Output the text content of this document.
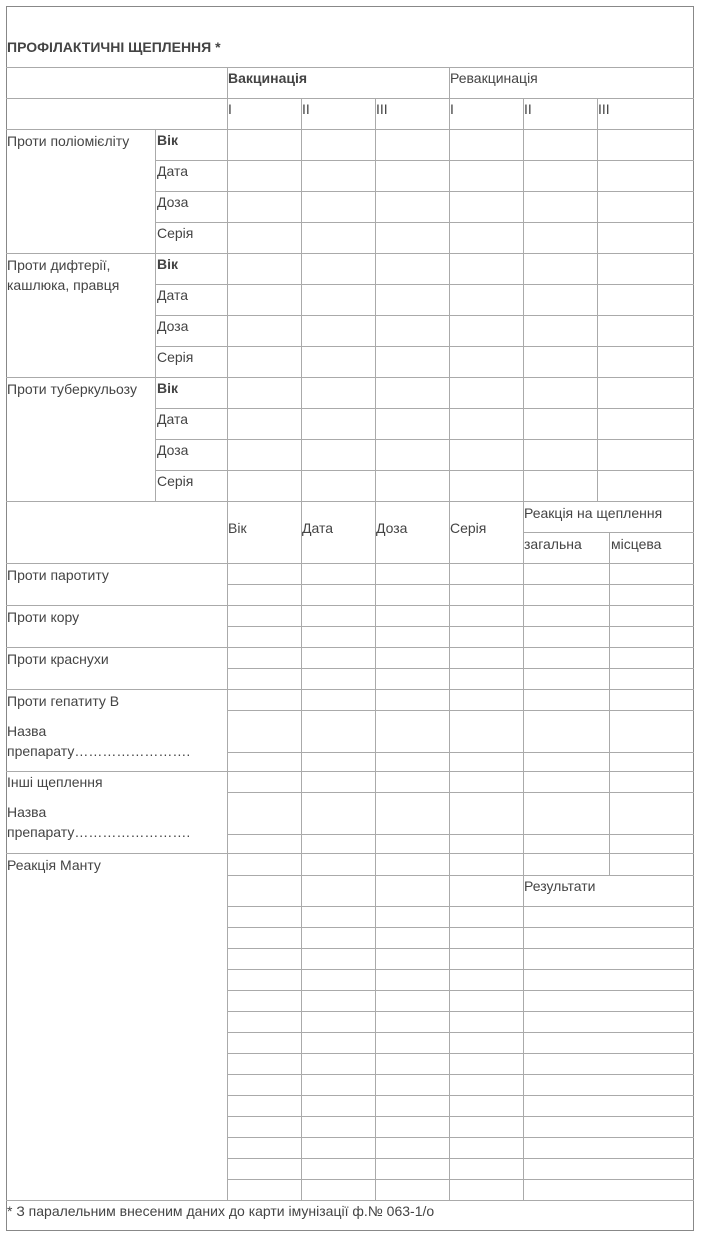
ПРОФІЛАКТИЧНІ ЩЕПЛЕННЯ *
Вакцинація	Ревакцинація
I	II	III	I	II	III
Проти поліомієліту	Вік
Дата
Доза
Серія
Проти дифтерії, кашлюка, правця
Вік
Дата
Доза
Серія
Проти туберкульозу	Вік
Дата
Доза
Серія
Вік	Дата	Доза	Серія
Реакція на щеплення
загальна місцева
Проти паротиту
Проти кору
Проти краснухи
Проти гепатиту В
Назва препарату…………………….
Інші щеплення
Назва препарату…………………….
Реакція Манту
Результати
* З паралельним внесеним даних до карти імунізації ф.№ 063-1/о
